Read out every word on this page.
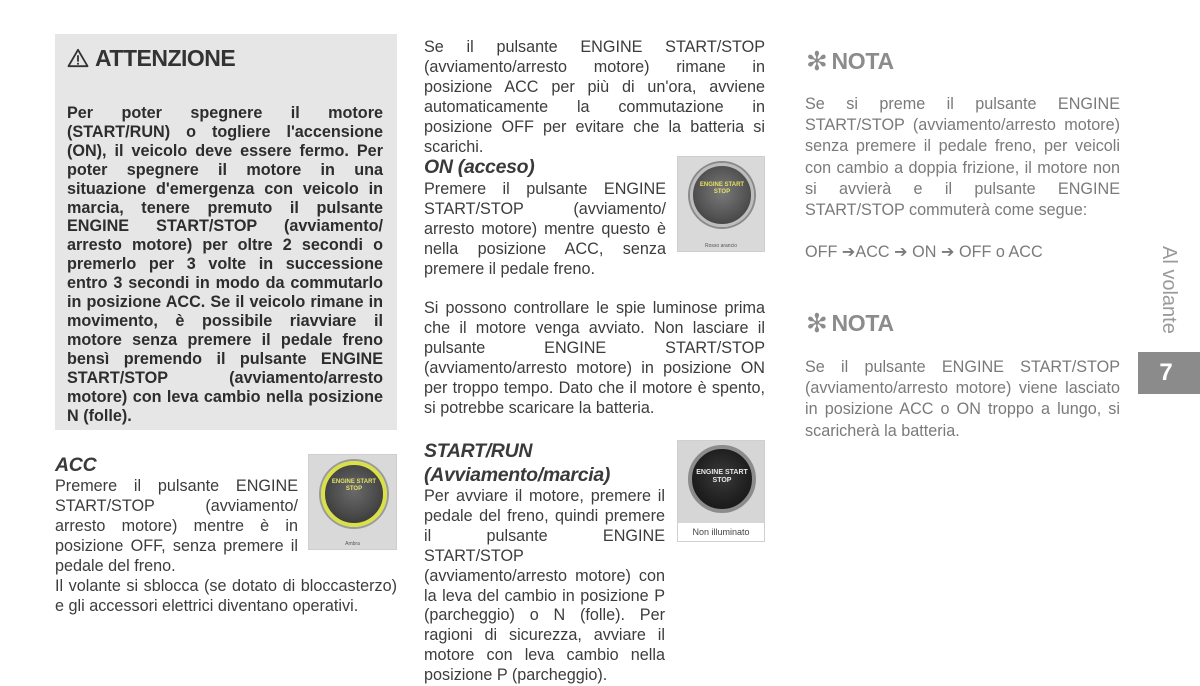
ATTENZIONE

Per poter spegnere il motore (START/RUN) o togliere l'accensione (ON), il veicolo deve essere fermo. Per poter spegnere il motore in una situazione d'emergenza con veicolo in marcia, tenere premuto il pulsante ENGINE START/STOP (avviamento/ arresto motore) per oltre 2 secondi o premerlo per 3 volte in successione entro 3 secondi in modo da commutarlo in posizione ACC. Se il veicolo rimane in movimento, è possibile riavviare il motore senza premere il pedale freno bensì premendo il pulsante ENGINE START/STOP (avviamento/arresto motore) con leva cambio nella posizione N (folle).

ACC

Premere il pulsante ENGINE START/STOP (avviamento/ arresto motore) mentre è in posizione OFF, senza premere il pedale del freno.

Il volante si sblocca (se dotato di bloccasterzo) e gli accessori elettrici diventano operativi.

ENGINE START STOP
Ambra

Se il pulsante ENGINE START/STOP (avviamento/arresto motore) rimane in posizione ACC per più di un'ora, avviene automaticamente la commutazione in posizione OFF per evitare che la batteria si scarichi.

ON (acceso)

Premere il pulsante ENGINE START/STOP (avviamento/ arresto motore) mentre questo è nella posizione ACC, senza premere il pedale freno.

Si possono controllare le spie luminose prima che il motore venga avviato. Non lasciare il pulsante ENGINE START/STOP (avviamento/arresto motore) in posizione ON per troppo tempo. Dato che il motore è spento, si potrebbe scaricare la batteria.

ENGINE START STOP
Rosso arancio
START/RUN
(Avviamento/marcia)

Per avviare il motore, premere il pedale del freno, quindi premere il pulsante ENGINE START/STOP (avviamento/arresto motore) con la leva del cambio in posizione P (parcheggio) o N (folle). Per ragioni di sicurezza, avviare il motore con leva cambio nella posizione P (parcheggio).

ENGINE START STOP
Non illuminato
✻ NOTA

Se si preme il pulsante ENGINE START/STOP (avviamento/arresto motore) senza premere il pedale freno, per veicoli con cambio a doppia frizione, il motore non si avvierà e il pulsante ENGINE START/STOP commuterà come segue:

OFF ➔ACC ➔ ON ➔ OFF o ACC

✻ NOTA

Se il pulsante ENGINE START/STOP (avviamento/arresto motore) viene lasciato in posizione ACC o ON troppo a lungo, si scaricherà la batteria.

Al volante
7
